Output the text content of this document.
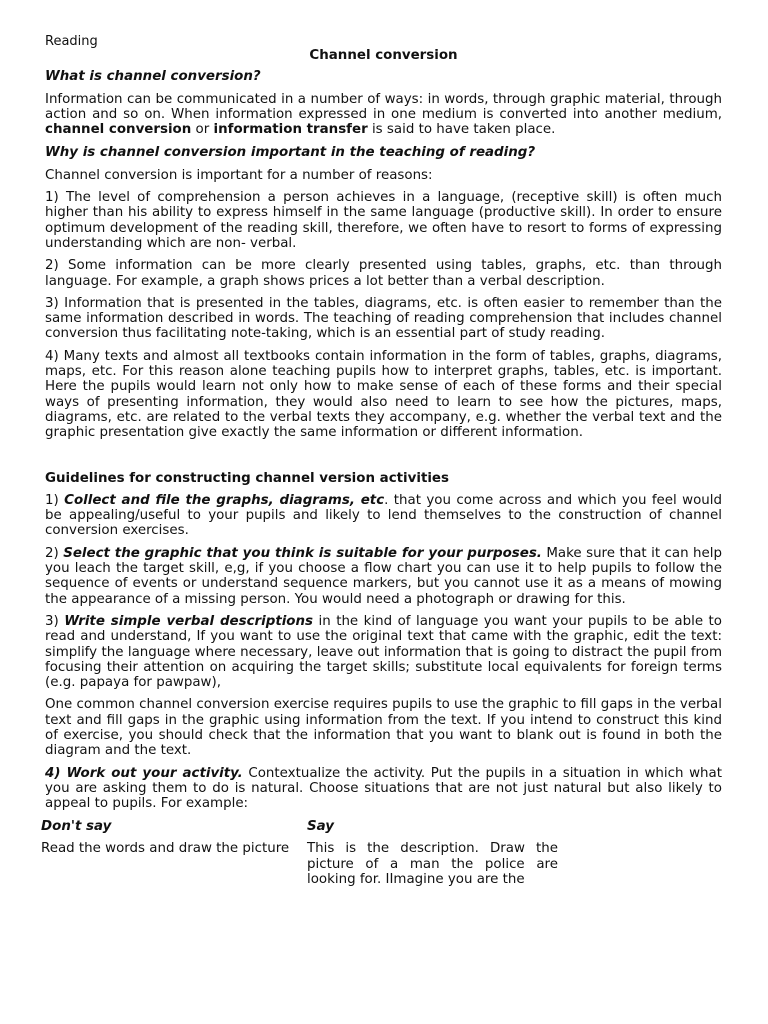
Reading
Channel conversion
What is channel conversion?

Information can be communicated in a number of ways: in words, through graphic material, through action and so on. When information expressed in one medium is converted into another medium, channel conversion or information transfer is said to have taken place.

Why is channel conversion important in the teaching of reading?

Channel conversion is important for a number of reasons:

1) The level of comprehension a person achieves in a language, (receptive skill) is often much higher than his ability to express himself in the same language (productive skill). In order to ensure optimum development of the reading skill, therefore, we often have to resort to forms of expressing understanding which are non- verbal.

2) Some information can be more clearly presented using tables, graphs, etc. than through language. For example, a graph shows prices a lot better than a verbal description.

3) Information that is presented in the tables, diagrams, etc. is often easier to remember than the same information described in words. The teaching of reading comprehension that includes channel conversion thus facilitating note-taking, which is an essential part of study reading.

4) Many texts and almost all textbooks contain information in the form of tables, graphs, diagrams, maps, etc. For this reason alone teaching pupils how to interpret graphs, tables, etc. is important. Here the pupils would learn not only how to make sense of each of these forms and their special ways of presenting information, they would also need to learn to see how the pictures, maps, diagrams, etc. are related to the verbal texts they accompany, e.g. whether the verbal text and the graphic presentation give exactly the same information or different information.

Guidelines for constructing channel version activities

1) Collect and file the graphs, diagrams, etc. that you come across and which you feel would be appealing/useful to your pupils and likely to lend themselves to the construction of channel conversion exercises.

2) Select the graphic that you think is suitable for your purposes. Make sure that it can help you leach the target skill, e,g, if you choose a flow chart you can use it to help pupils to follow the sequence of events or understand sequence markers, but you cannot use it as a means of mowing the appearance of a missing person. You would need a photograph or drawing for this.

3) Write simple verbal descriptions in the kind of language you want your pupils to be able to read and understand, If you want to use the original text that came with the graphic, edit the text: simplify the language where necessary, leave out information that is going to distract the pupil from focusing their attention on acquiring the target skills; substitute local equivalents for foreign terms (e.g. papaya for pawpaw),

One common channel conversion exercise requires pupils to use the graphic to fill gaps in the verbal text and fill gaps in the graphic using information from the text. If you intend to construct this kind of exercise, you should check that the information that you want to blank out is found in both the diagram and the text.

4) Work out your activity. Contextualize the activity. Put the pupils in a situation in which what you are asking them to do is natural. Choose situations that are not just natural but also likely to appeal to pupils. For example:

Don't say
Read the words and draw the picture
Say
This is the description. Draw the picture of a man the police are looking for. IImagine you are the
